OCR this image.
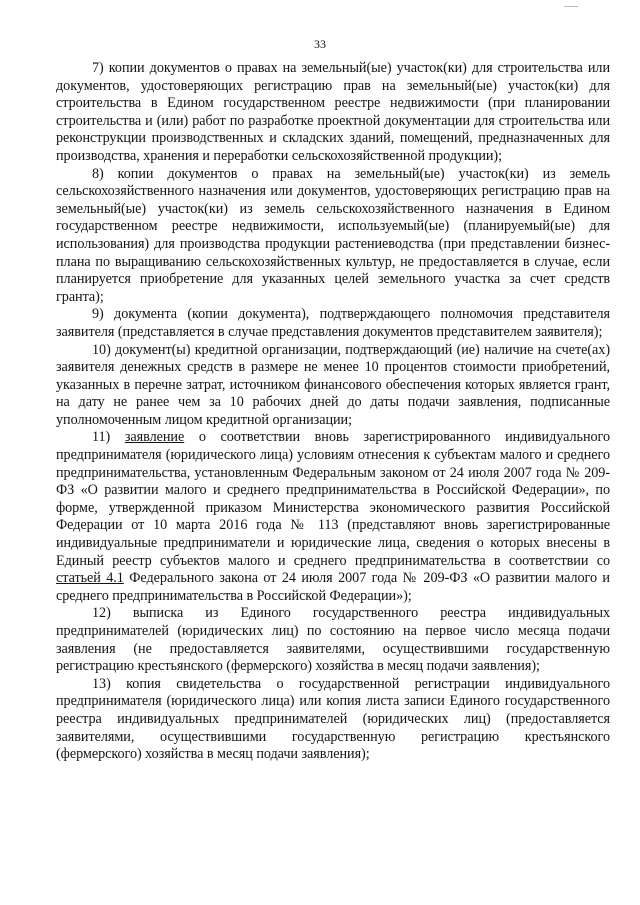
33

7) копии документов о правах на земельный(ые) участок(ки) для строительства или документов, удостоверяющих регистрацию прав на земельный(ые) участок(ки) для строительства в Едином государственном реестре недвижимости (при планировании строительства и (или) работ по разработке проектной документации для строительства или реконструкции производственных и складских зданий, помещений, предназначенных для производства, хранения и переработки сельскохозяйственной продукции);

8) копии документов о правах на земельный(ые) участок(ки) из земель сельскохозяйственного назначения или документов, удостоверяющих регистрацию прав на земельный(ые) участок(ки) из земель сельскохозяйственного назначения в Едином государственном реестре недвижимости, используемый(ые) (планируемый(ые) для использования) для производства продукции растениеводства (при представлении бизнес-плана по выращиванию сельскохозяйственных культур, не предоставляется в случае, если планируется приобретение для указанных целей земельного участка за счет средств гранта);

9) документа (копии документа), подтверждающего полномочия представителя заявителя (представляется в случае представления документов представителем заявителя);

10) документ(ы) кредитной организации, подтверждающий (ие) наличие на счете(ах) заявителя денежных средств в размере не менее 10 процентов стоимости приобретений, указанных в перечне затрат, источником финансового обеспечения которых является грант, на дату не ранее чем за 10 рабочих дней до даты подачи заявления, подписанные уполномоченным лицом кредитной организации;

11) заявление о соответствии вновь зарегистрированного индивидуального предпринимателя (юридического лица) условиям отнесения к субъектам малого и среднего предпринимательства, установленным Федеральным законом от 24 июля 2007 года № 209-ФЗ «О развитии малого и среднего предпринимательства в Российской Федерации», по форме, утвержденной приказом Министерства экономического развития Российской Федерации от 10 марта 2016 года № 113 (представляют вновь зарегистрированные индивидуальные предприниматели и юридические лица, сведения о которых внесены в Единый реестр субъектов малого и среднего предпринимательства в соответствии со статьей 4.1 Федерального закона от 24 июля 2007 года № 209-ФЗ «О развитии малого и среднего предпринимательства в Российской Федерации»);

12) выписка из Единого государственного реестра индивидуальных предпринимателей (юридических лиц) по состоянию на первое число месяца подачи заявления (не предоставляется заявителями, осуществившими государственную регистрацию крестьянского (фермерского) хозяйства в месяц подачи заявления);

13) копия свидетельства о государственной регистрации индивидуального предпринимателя (юридического лица) или копия листа записи Единого государственного реестра индивидуальных предпринимателей (юридических лиц) (предоставляется заявителями, осуществившими государственную регистрацию крестьянского (фермерского) хозяйства в месяц подачи заявления);
